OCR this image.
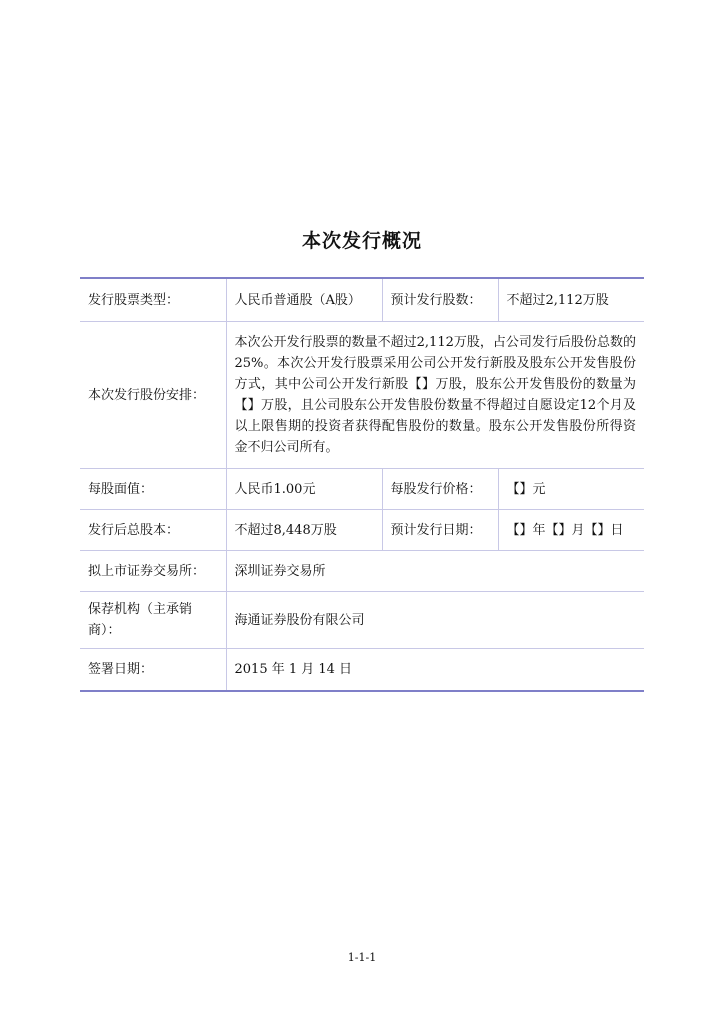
本次发行概况
发行股票类型：	人民币普通股（A股）	预计发行股数：	不超过2,112万股
本次发行股份安排：	本次公开发行股票的数量不超过2,112万股，占公司发行后股份总数的25%。本次公开发行股票采用公司公开发行新股及股东公开发售股份方式，其中公司公开发行新股【】万股，股东公开发售股份的数量为【】万股，且公司股东公开发售股份数量不得超过自愿设定12个月及以上限售期的投资者获得配售股份的数量。股东公开发售股份所得资金不归公司所有。		
每股面值：	人民币1.00元	每股发行价格：	【】元
发行后总股本：	不超过8,448万股	预计发行日期：	【】年【】月【】日
拟上市证券交易所：	深圳证券交易所		
保荐机构（主承销商）：	海通证券股份有限公司		
签署日期：	2015 年 1 月 14 日		
1-1-1
